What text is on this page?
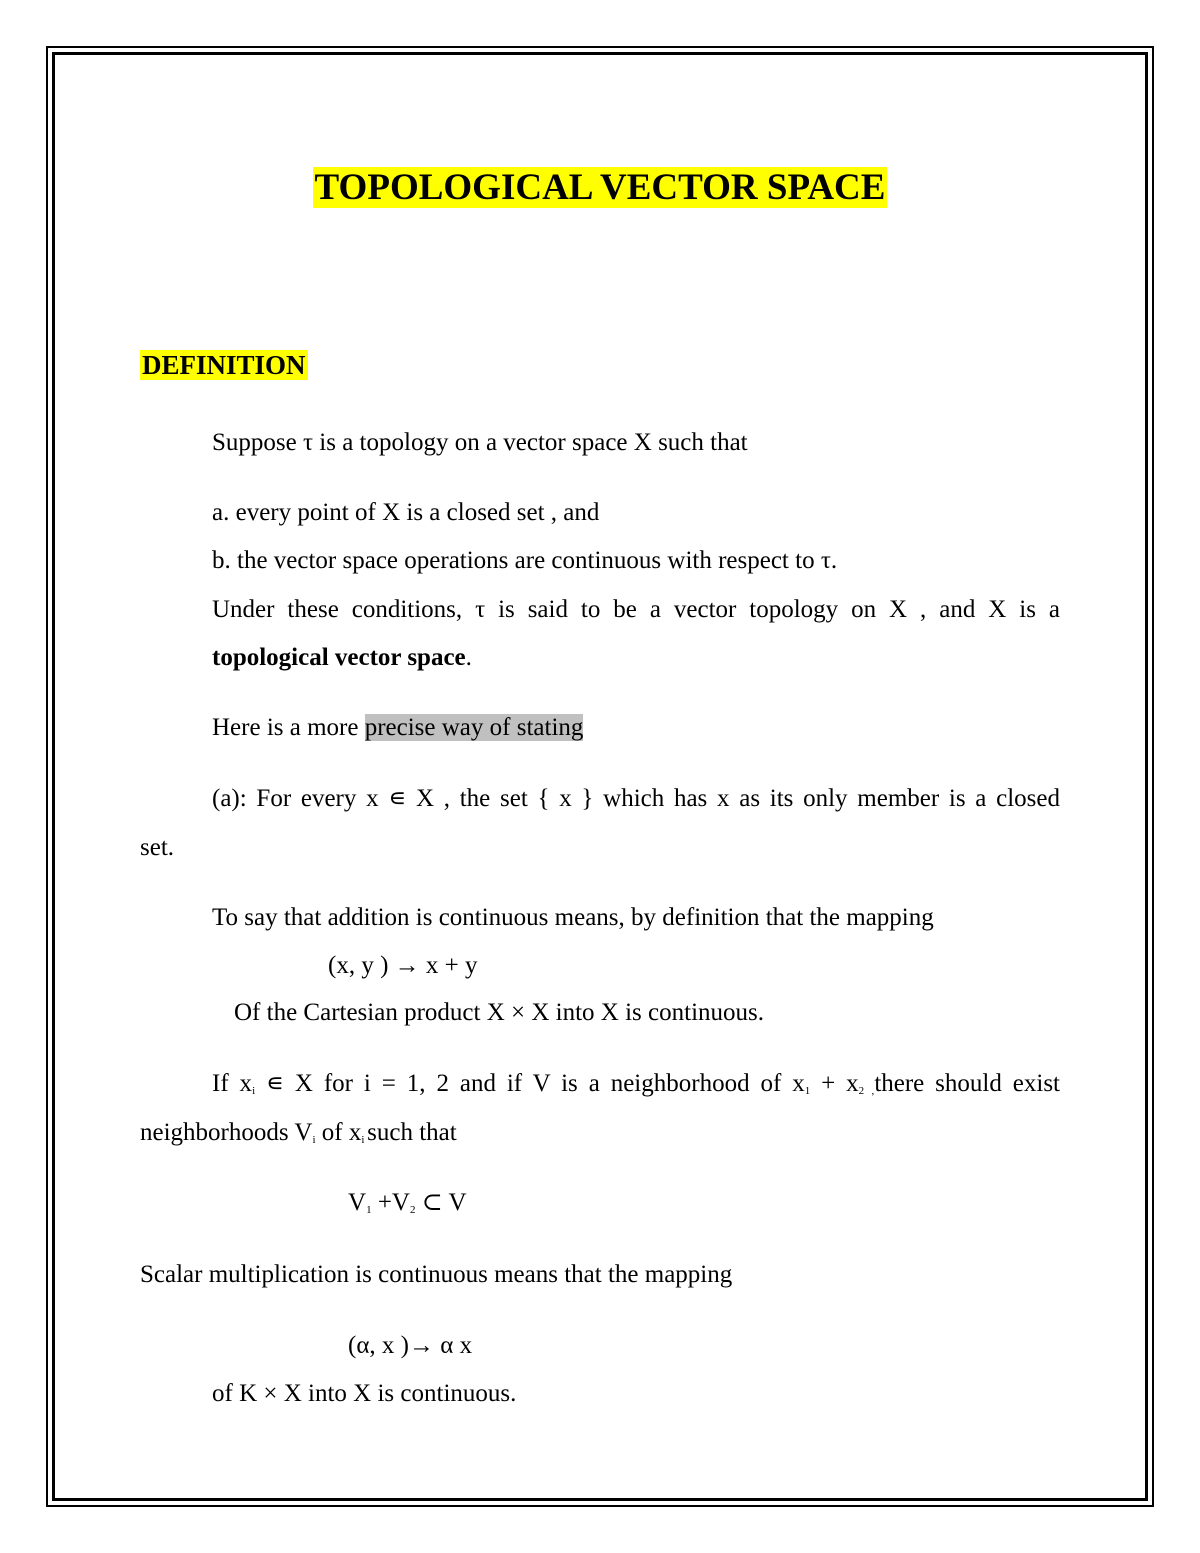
TOPOLOGICAL VECTOR SPACE
DEFINITION
Suppose τ is a topology on a vector space X such that
a. every point of X is a closed set , and
b. the vector space operations are continuous with respect to τ.
Under these conditions, τ is said to be a vector topology on X , and X is a
topological vector space.
Here is a more precise way of stating
(a): For every x ∊ X , the set { x } which has x as its only member is a closed
set.
To say that addition is continuous means, by definition that the mapping
(x, y ) → x + y
Of the Cartesian product X × X into X is continuous.
If $x_i$ ∊ X for i = 1, 2 and if V is a neighborhood of $x_1$ + $x_{2 ,}there$ should exist
neighborhoods $V_i$ of $x_i$ such that
$V_1 +V_2$ ⊂ V
Scalar multiplication is continuous means that the mapping
(α, x )→ α x
of K × X into X is continuous.
